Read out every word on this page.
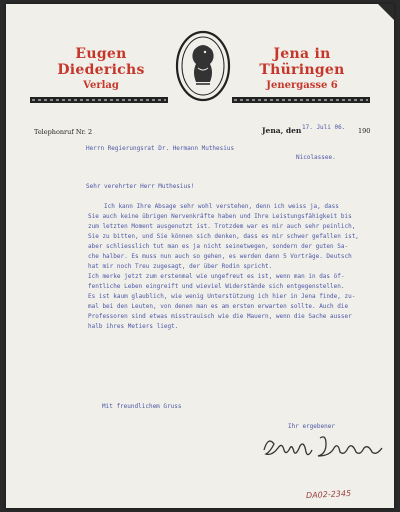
Eugen Diederichs
Verlag
Jena in Thüringen
Jenergasse 6
Telephonruf Nr. 2	Jena, den 17. Juli 06. 190
Herrn Regierungsrat Dr. Hermann Muthesius
Nicolassee.
Sehr verehrter Herr Muthesius!
Ich kann Ihre Absage sehr wohl verstehen, denn ich weiss ja, dass
Sie auch keine übrigen Nervenkräfte haben und Ihre Leistungsfähigkeit bis
zum letzten Moment ausgenutzt ist. Trotzdem war es mir auch sehr peinlich,
Sie zu bitten, und Sie können sich denken, dass es mir schwer gefallen ist,
aber schliesslich tut man es ja nicht seinetwegen, sondern der guten Sa-
che halber. Es muss nun auch so gehen, es werden dann 5 Vorträge. Deutsch
hat mir noch Treu zugesagt, der über Rodin spricht.
Ich merke jetzt zum erstenmal wie ungefreut es ist, wenn man in das öf-
fentliche Leben eingreift und wieviel Widerstände sich entgegenstellen.
Es ist kaum glaublich, wie wenig Unterstützung ich hier in Jena finde, zu-
mal bei den Leuten, von denen man es am ersten erwarten sollte. Auch die
Professoren sind etwas misstrauisch wie die Mauern, wenn die Sache ausser
halb ihres Metiers liegt.
Mit freundlichem Gruss
Ihr ergebener
DA02-2345
